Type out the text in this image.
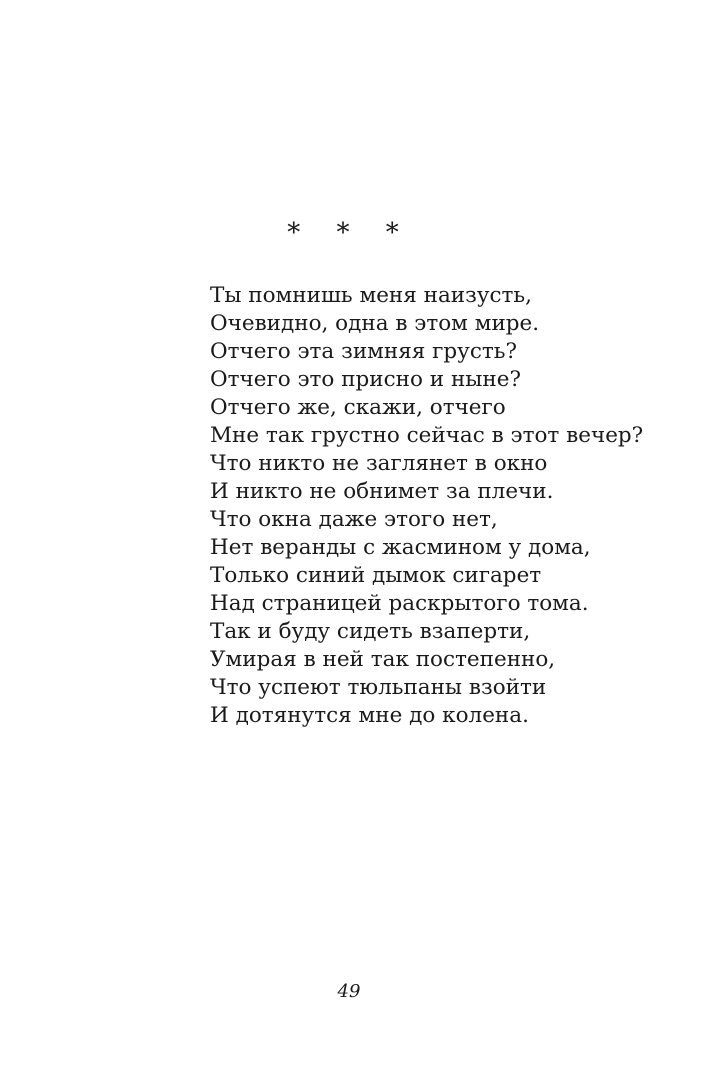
* * *
Ты помнишь меня наизусть,
Очевидно, одна в этом мире.
Отчего эта зимняя грусть?
Отчего это присно и ныне?
Отчего же, скажи, отчего
Мне так грустно сейчас в этот вечер?
Что никто не заглянет в окно
И никто не обнимет за плечи.
Что окна даже этого нет,
Нет веранды с жасмином у дома,
Только синий дымок сигарет
Над страницей раскрытого тома.
Так и буду сидеть взаперти,
Умирая в ней так постепенно,
Что успеют тюльпаны взойти
И дотянутся мне до колена.
49
